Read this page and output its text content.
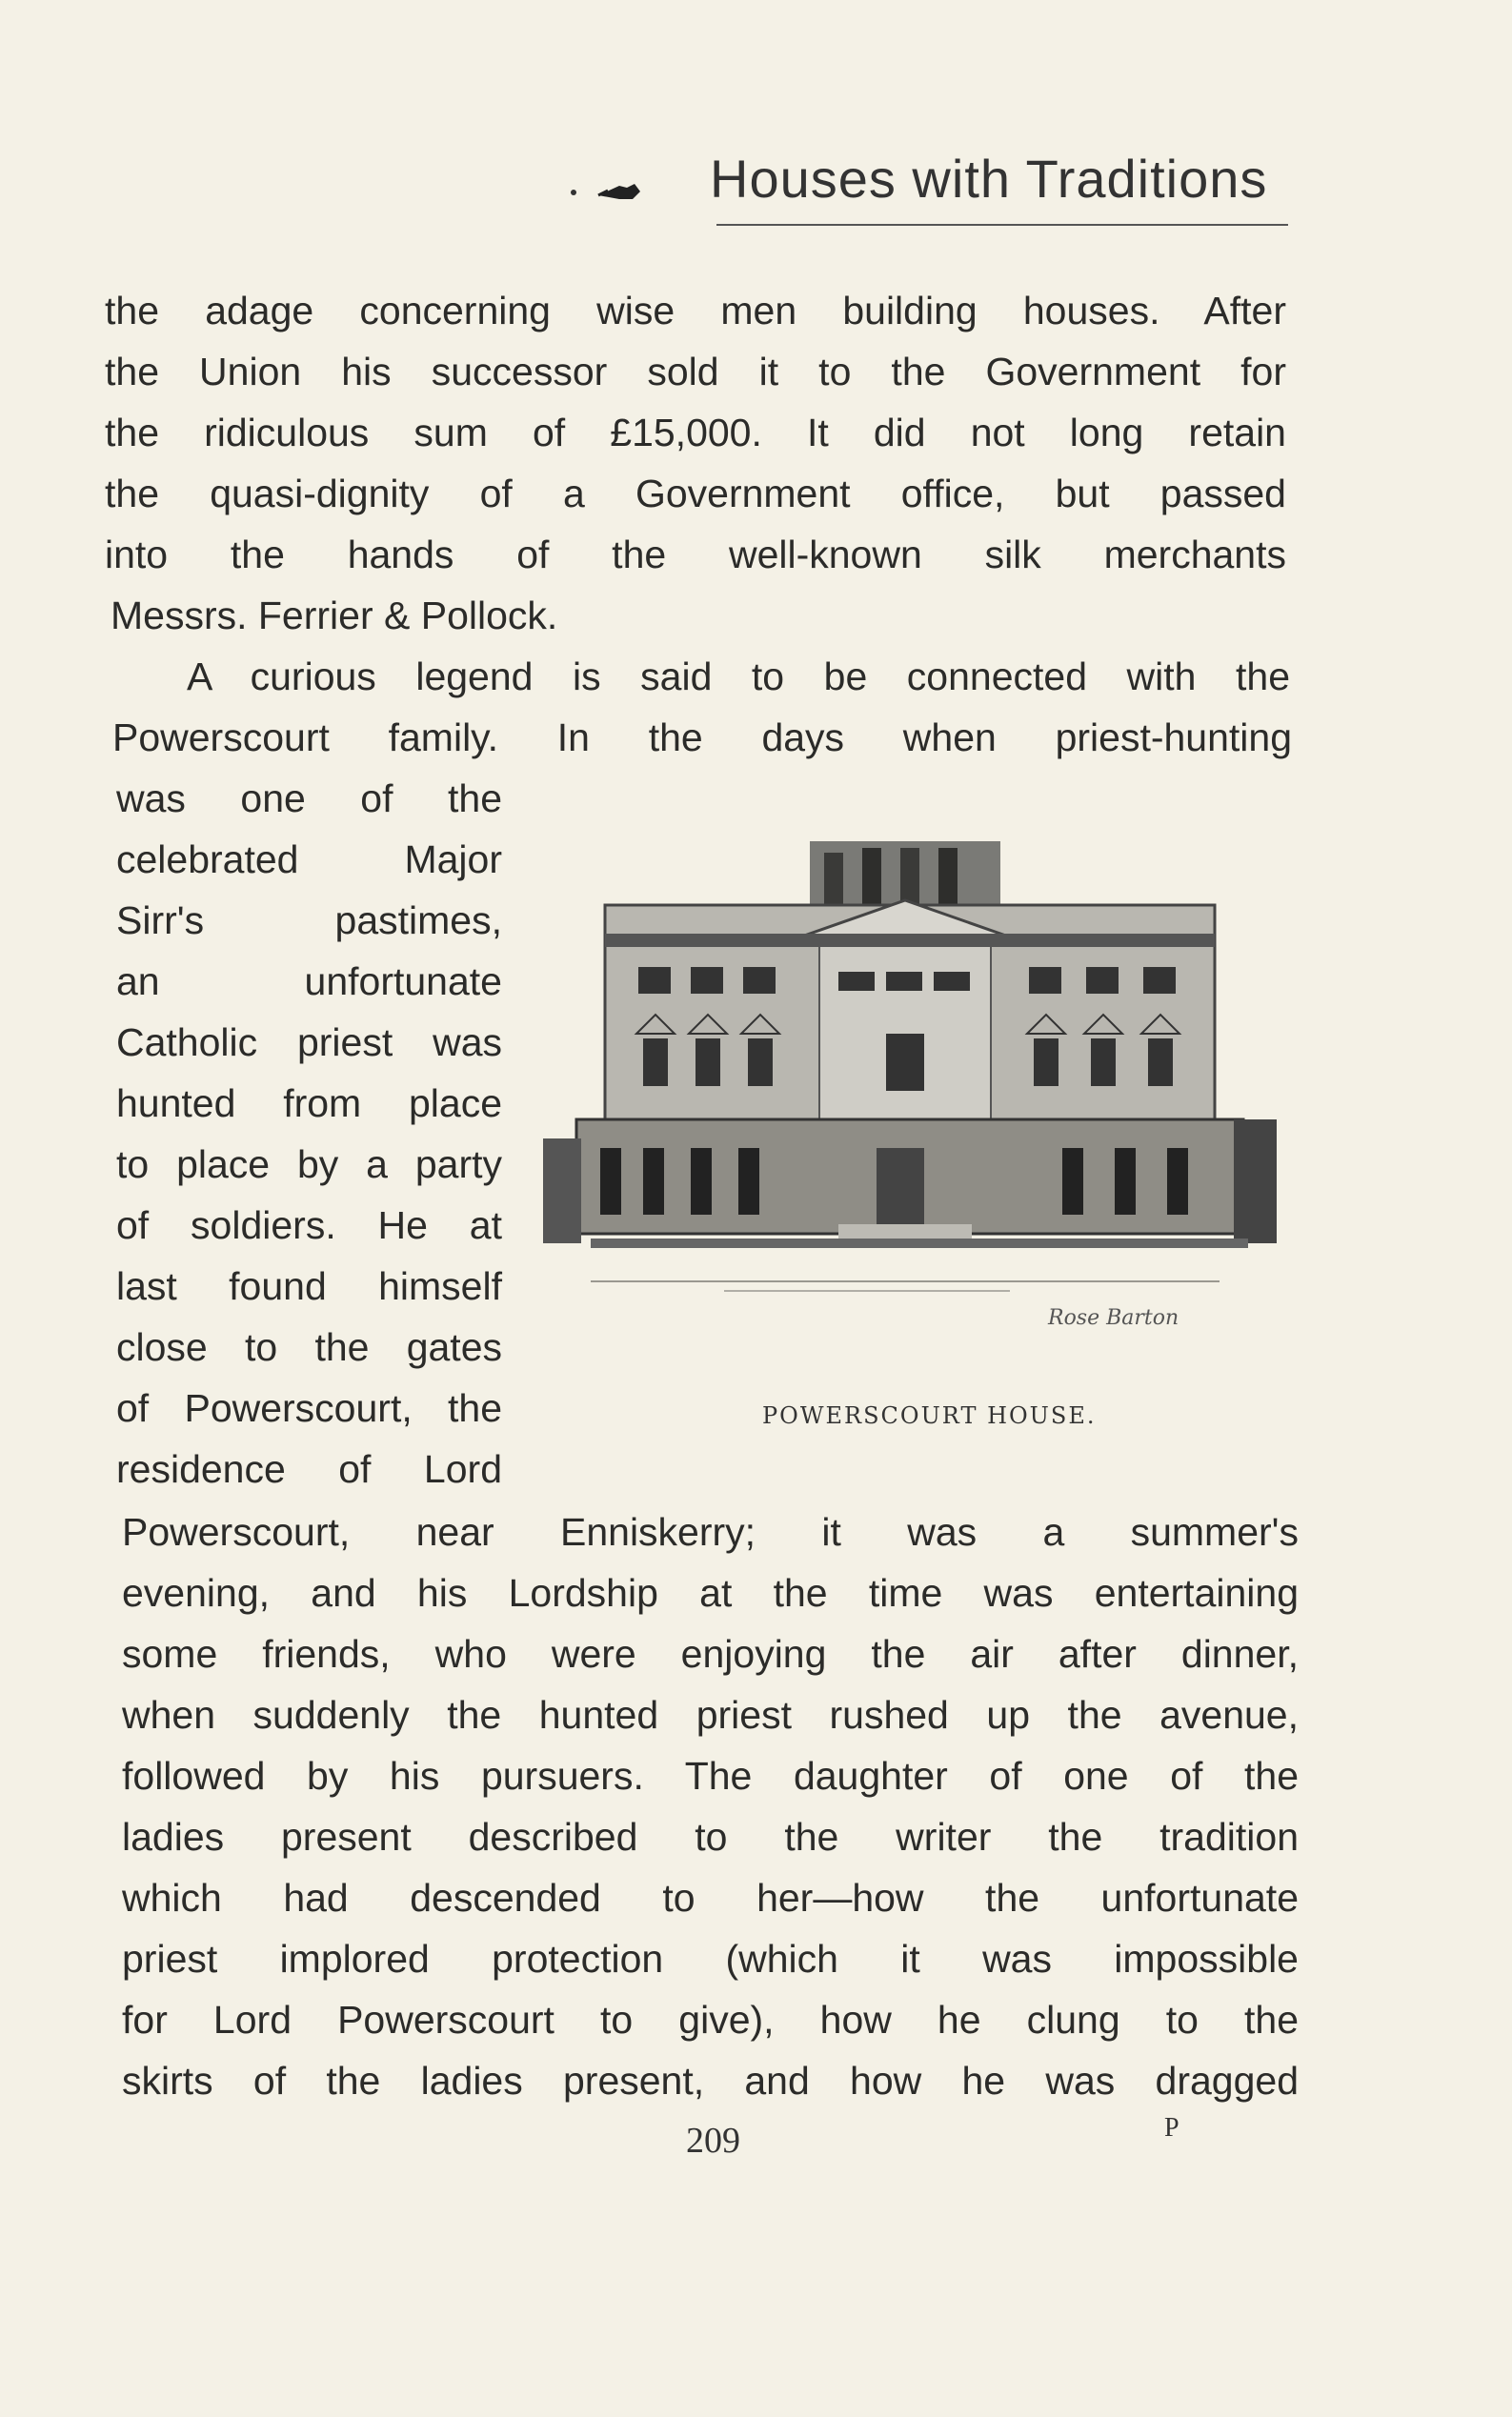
Houses with Traditions
the adage concerning wise men building houses. After
the Union his successor sold it to the Government for
the ridiculous sum of £15,000. It did not long retain
the quasi-dignity of a Government office, but passed
into the hands of the well-known silk merchants
Messrs. Ferrier & Pollock.
A curious legend is said to be connected with the
Powerscourt family. In the days when priest-hunting
was one of the
celebrated Major
Sirr's pastimes,
an unfortunate
Catholic priest was
hunted from place
to place by a party
of soldiers. He at
last found himself
close to the gates
of Powerscourt, the
residence of Lord
Rose Barton
POWERSCOURT HOUSE.
Powerscourt, near Enniskerry; it was a summer's
evening, and his Lordship at the time was entertaining
some friends, who were enjoying the air after dinner,
when suddenly the hunted priest rushed up the avenue,
followed by his pursuers. The daughter of one of the
ladies present described to the writer the tradition
which had descended to her—how the unfortunate
priest implored protection (which it was impossible
for Lord Powerscourt to give), how he clung to the
skirts of the ladies present, and how he was dragged
209	P
